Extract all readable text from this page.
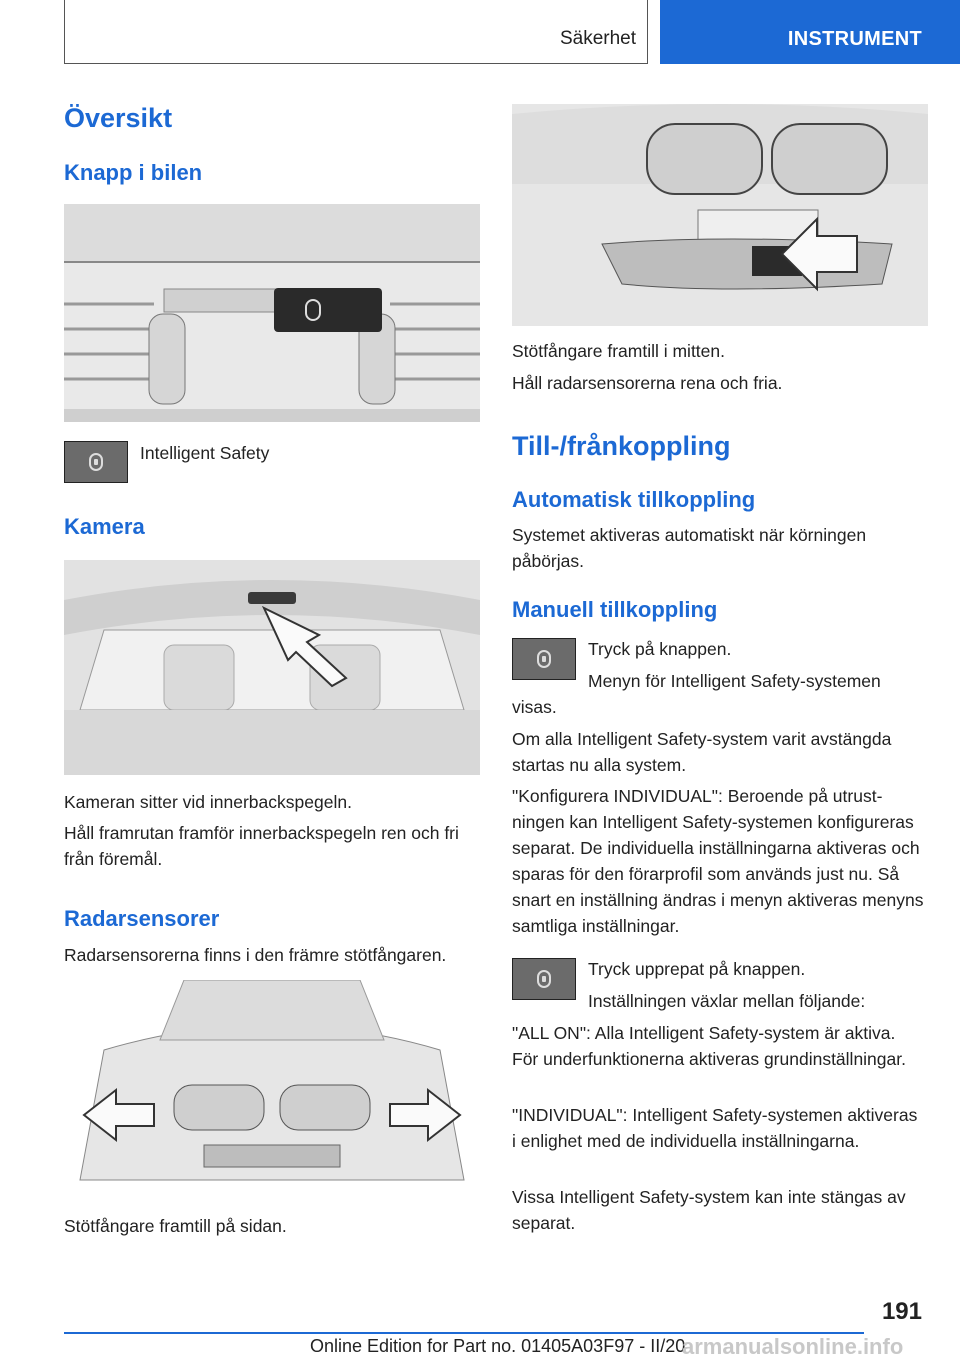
Säkerhet	INSTRUMENT
Översikt
Knapp i bilen
Intelligent Safety
Kamera
Kameran sitter vid innerbackspegeln.
Håll framrutan framför innerbackspegeln ren och fri från föremål.
Radarsensorer
Radarsensorerna finns i den främre stötfångaren.
Stötfångare framtill på sidan.
Stötfångare framtill i mitten.
Håll radarsensorerna rena och fria.
Till-/frånkoppling
Automatisk tillkoppling
Systemet aktiveras automatiskt när körningen påbörjas.
Manuell tillkoppling
Tryck på knappen.
Menyn för Intelligent Safety-systemen visas.
Om alla Intelligent Safety-system varit avstängda startas nu alla system.
"Konfigurera INDIVIDUAL": Beroende på utrustningen kan Intelligent Safety-systemen konfigureras separat. De individuella inställningarna aktiveras och sparas för den förarprofil som används just nu. Så snart en inställning ändras i menyn aktiveras menyns samtliga inställningar.
Tryck upprepat på knappen.
Inställningen växlar mellan följande:
"ALL ON": Alla Intelligent Safety-system är aktiva. För underfunktionerna aktiveras grundinställningar.
"INDIVIDUAL": Intelligent Safety-systemen aktiveras i enlighet med de individuella inställningarna.
Vissa Intelligent Safety-system kan inte stängas av separat.
191
Online Edition for Part no. 01405A03F97 - II/20
armanualsonline.info
